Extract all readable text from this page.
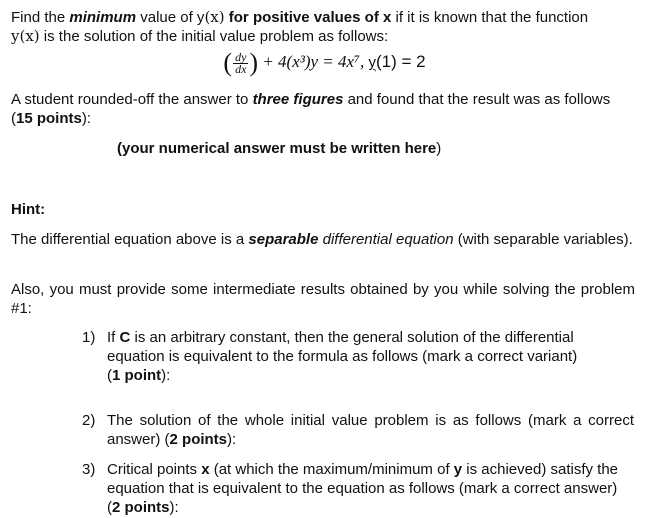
Find the minimum value of y(x) for positive values of x if it is known that the function
y(x) is the solution of the initial value problem as follows:
( $\frac{dy}{dx}$ ) + 4(x³)y = 4x⁷, y(1) = 2
A student rounded-off the answer to three figures and found that the result was as follows (15 points):
(your numerical answer must be written here)
Hint:
The differential equation above is a separable differential equation (with separable variables).
Also, you must provide some intermediate results obtained by you while solving the problem #1:
1) If C is an arbitrary constant, then the general solution of the differential equation is equivalent to the formula as follows (mark a correct variant)
(1 point):
2) The solution of the whole initial value problem is as follows (mark a correct answer) (2 points):
3) Critical points x (at which the maximum/minimum of y is achieved) satisfy the equation that is equivalent to the equation as follows (mark a correct answer) (2 points):
